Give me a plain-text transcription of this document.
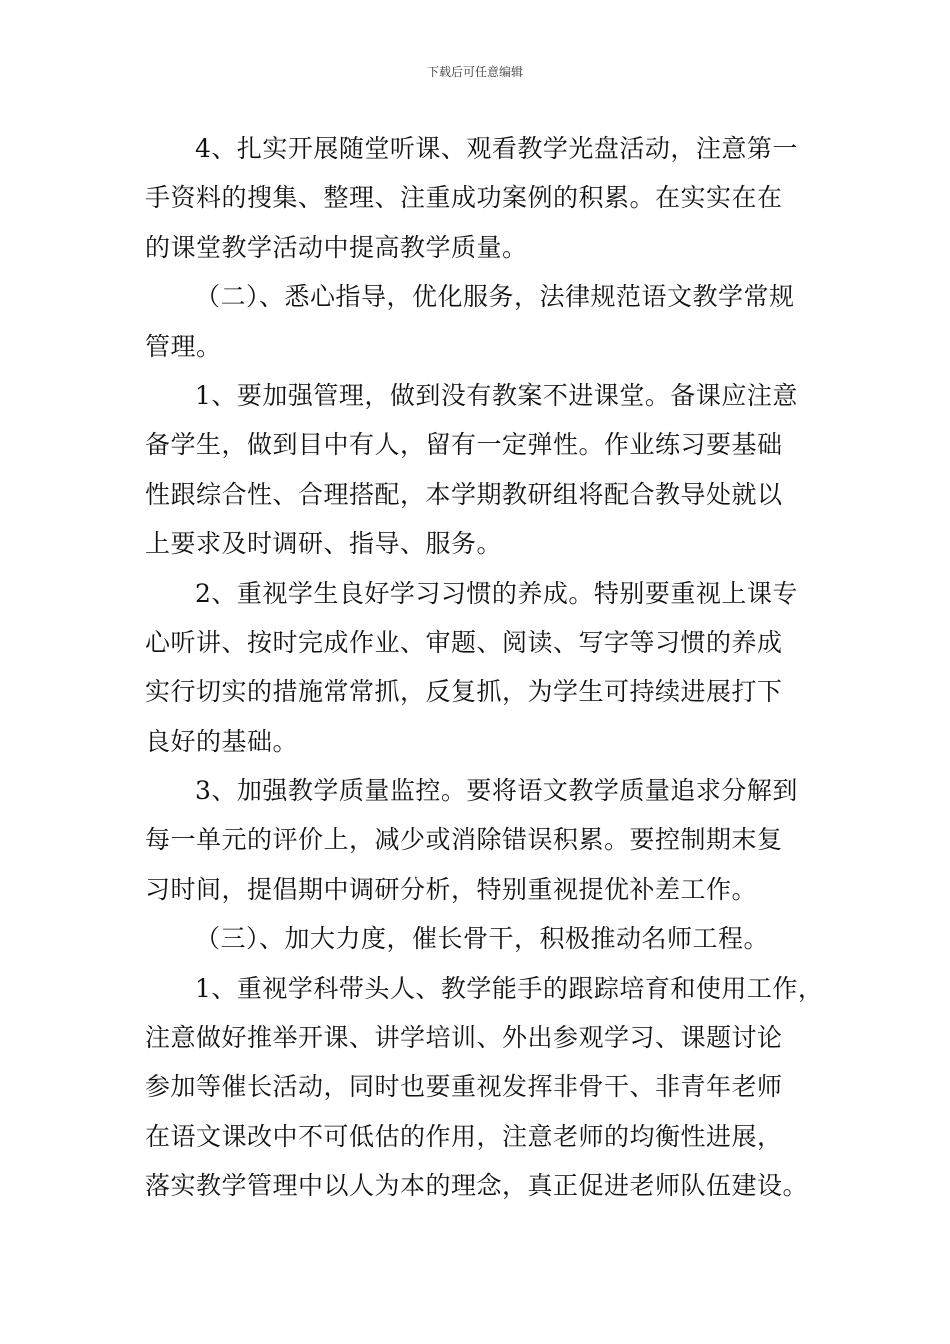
下载后可任意编辑
4、扎实开展随堂听课、观看教学光盘活动，注意第一
手资料的搜集、整理、注重成功案例的积累。在实实在在
的课堂教学活动中提高教学质量。
（二）、悉心指导，优化服务，法律规范语文教学常规
管理。
1、要加强管理，做到没有教案不进课堂。备课应注意
备学生，做到目中有人，留有一定弹性。作业练习要基础
性跟综合性、合理搭配，本学期教研组将配合教导处就以
上要求及时调研、指导、服务。
2、重视学生良好学习习惯的养成。特别要重视上课专
心听讲、按时完成作业、审题、阅读、写字等习惯的养成
实行切实的措施常常抓，反复抓，为学生可持续进展打下
良好的基础。
3、加强教学质量监控。要将语文教学质量追求分解到
每一单元的评价上，减少或消除错误积累。要控制期末复
习时间，提倡期中调研分析，特别重视提优补差工作。
（三）、加大力度，催长骨干，积极推动名师工程。
1、重视学科带头人、教学能手的跟踪培育和使用工作，
注意做好推举开课、讲学培训、外出参观学习、课题讨论
参加等催长活动，同时也要重视发挥非骨干、非青年老师
在语文课改中不可低估的作用，注意老师的均衡性进展，
落实教学管理中以人为本的理念，真正促进老师队伍建设。
